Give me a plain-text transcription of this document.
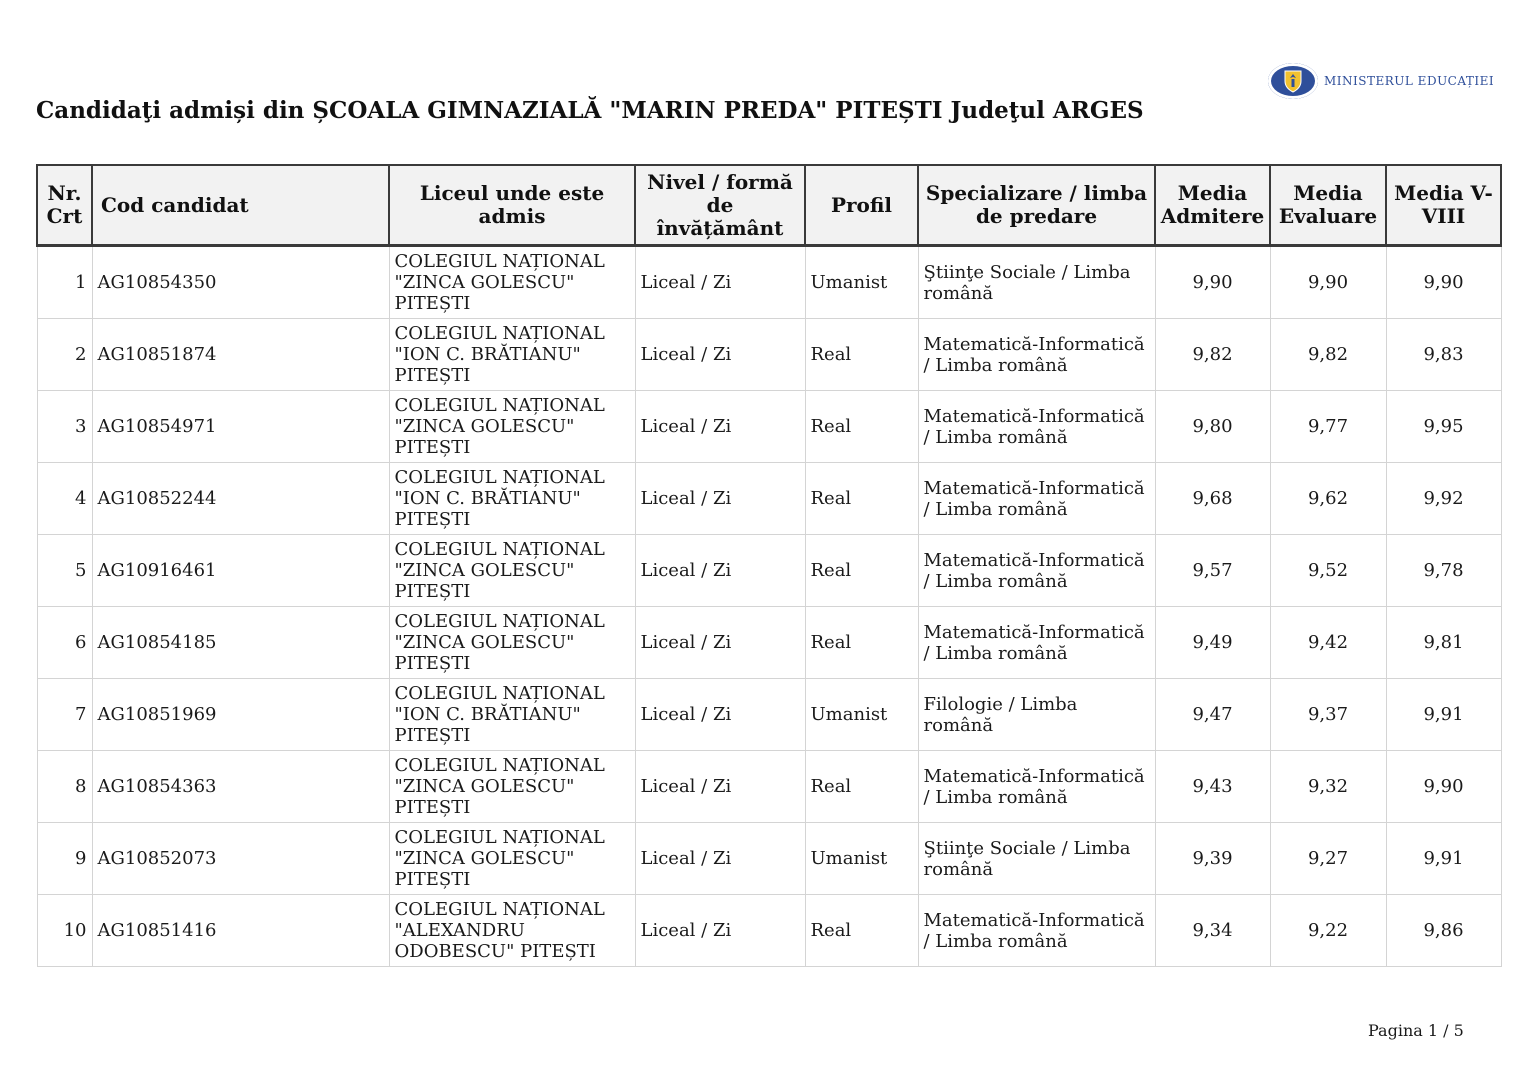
MINISTERUL EDUCAȚIEI
Candidaţi admiși din ȘCOALA GIMNAZIALĂ "MARIN PREDA" PITEȘTI Judeţul ARGES
Nr. Crt	Cod candidat	Liceul unde este admis	Nivel / formă de învățământ	Profil	Specializare / limba de predare	Media Admitere	Media Evaluare	Media V-VIII
1	AG10854350	COLEGIUL NAȚIONAL "ZINCA GOLESCU" PITEȘTI	Liceal / Zi	Umanist	Ştiinţe Sociale / Limba română	9,90	9,90	9,90
2	AG10851874	COLEGIUL NAȚIONAL "ION C. BRĂTIANU" PITEȘTI	Liceal / Zi	Real	Matematică-Informatică / Limba română	9,82	9,82	9,83
3	AG10854971	COLEGIUL NAȚIONAL "ZINCA GOLESCU" PITEȘTI	Liceal / Zi	Real	Matematică-Informatică / Limba română	9,80	9,77	9,95
4	AG10852244	COLEGIUL NAȚIONAL "ION C. BRĂTIANU" PITEȘTI	Liceal / Zi	Real	Matematică-Informatică / Limba română	9,68	9,62	9,92
5	AG10916461	COLEGIUL NAȚIONAL "ZINCA GOLESCU" PITEȘTI	Liceal / Zi	Real	Matematică-Informatică / Limba română	9,57	9,52	9,78
6	AG10854185	COLEGIUL NAȚIONAL "ZINCA GOLESCU" PITEȘTI	Liceal / Zi	Real	Matematică-Informatică / Limba română	9,49	9,42	9,81
7	AG10851969	COLEGIUL NAȚIONAL "ION C. BRĂTIANU" PITEȘTI	Liceal / Zi	Umanist	Filologie / Limba română	9,47	9,37	9,91
8	AG10854363	COLEGIUL NAȚIONAL "ZINCA GOLESCU" PITEȘTI	Liceal / Zi	Real	Matematică-Informatică / Limba română	9,43	9,32	9,90
9	AG10852073	COLEGIUL NAȚIONAL "ZINCA GOLESCU" PITEȘTI	Liceal / Zi	Umanist	Ştiinţe Sociale / Limba română	9,39	9,27	9,91
10	AG10851416	COLEGIUL NAȚIONAL "ALEXANDRU ODOBESCU" PITEȘTI	Liceal / Zi	Real	Matematică-Informatică / Limba română	9,34	9,22	9,86
Pagina 1 / 5
